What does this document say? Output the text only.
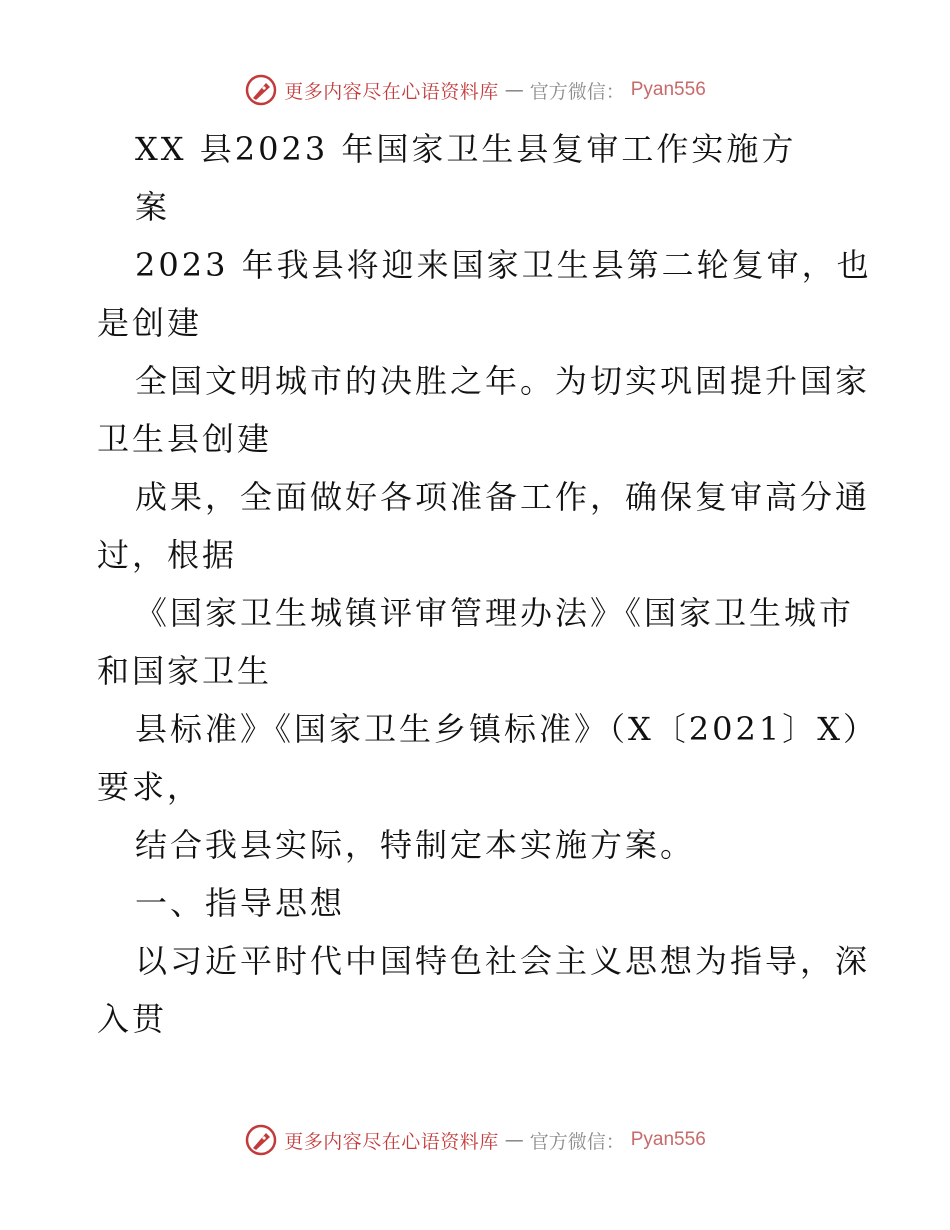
更多内容尽在心语资料库 — 官方微信： Pyan556
XX 县2023 年国家卫生县复审工作实施方
案
2023 年我县将迎来国家卫生县第二轮复审，也
是创建
全国文明城市的决胜之年。为切实巩固提升国家
卫生县创建
成果，全面做好各项准备工作，确保复审高分通
过，根据
《国家卫生城镇评审管理办法》《国家卫生城市
和国家卫生
县标准》《国家卫生乡镇标准》（X〔2021〕X）
要求，
结合我县实际，特制定本实施方案。
一、指导思想
以习近平时代中国特色社会主义思想为指导，深
入贯
更多内容尽在心语资料库 — 官方微信： Pyan556
